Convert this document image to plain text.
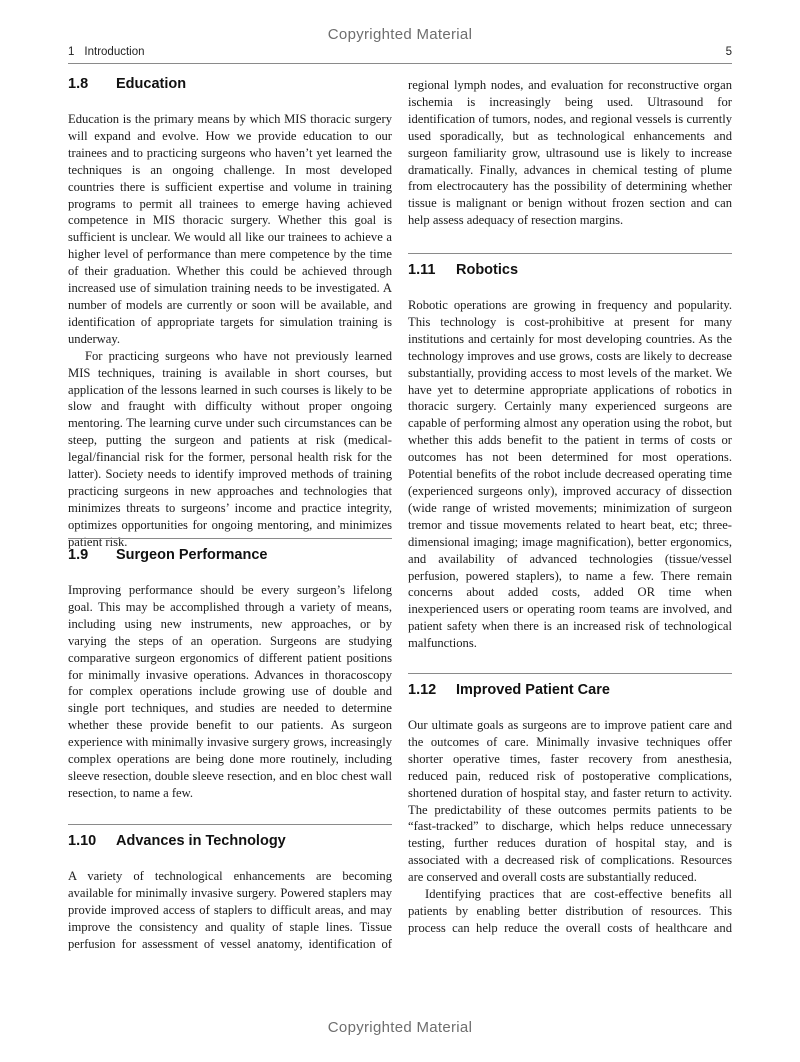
Copyrighted Material
1 Introduction	5
1.8 Education

Education is the primary means by which MIS thoracic surgery will expand and evolve. How we provide education to our trainees and to practicing surgeons who haven’t yet learned the techniques is an ongoing challenge. In most developed countries there is sufficient expertise and volume in training programs to permit all trainees to emerge having achieved competence in MIS thoracic surgery. Whether this goal is sufficient is unclear. We would all like our trainees to achieve a higher level of performance than mere competence by the time of their graduation. Whether this could be achieved through increased use of simulation training needs to be investigated. A number of models are currently or soon will be available, and identification of appropriate targets for simulation training is underway.

For practicing surgeons who have not previously learned MIS techniques, training is available in short courses, but application of the lessons learned in such courses is likely to be slow and fraught with difficulty without proper ongoing mentoring. The learning curve under such circumstances can be steep, putting the surgeon and patients at risk (medical-legal/financial risk for the former, personal health risk for the latter). Society needs to identify improved methods of training practicing surgeons in new approaches and technologies that minimizes threats to surgeons’ income and practice integrity, optimizes opportunities for ongoing mentoring, and minimizes patient risk.

1.9 Surgeon Performance

Improving performance should be every surgeon’s lifelong goal. This may be accomplished through a variety of means, including using new instruments, new approaches, or by varying the steps of an operation. Surgeons are studying comparative surgeon ergonomics of different patient positions for minimally invasive operations. Advances in thoracoscopy for complex operations include growing use of double and single port techniques, and studies are needed to determine whether these provide benefit to our patients. As surgeon experience with minimally invasive surgery grows, increasingly complex operations are being done more routinely, including sleeve resection, double sleeve resection, and en bloc chest wall resection, to name a few.

1.10 Advances in Technology

A variety of technological enhancements are becoming available for minimally invasive surgery. Powered staplers may provide improved access of staplers to difficult areas, and may improve the consistency and quality of staple lines. Tissue perfusion for assessment of vessel anatomy, identification of

regional lymph nodes, and evaluation for reconstructive organ ischemia is increasingly being used. Ultrasound for identification of tumors, nodes, and regional vessels is currently used sporadically, but as technological enhancements and surgeon familiarity grow, ultrasound use is likely to increase dramatically. Finally, advances in chemical testing of plume from electrocautery has the possibility of determining whether tissue is malignant or benign without frozen section and can help assess adequacy of resection margins.

1.11 Robotics

Robotic operations are growing in frequency and popularity. This technology is cost-prohibitive at present for many institutions and certainly for most developing countries. As the technology improves and use grows, costs are likely to decrease substantially, providing access to most levels of the market. We have yet to determine appropriate applications of robotics in thoracic surgery. Certainly many experienced surgeons are capable of performing almost any operation using the robot, but whether this adds benefit to the patient in terms of costs or outcomes has not been determined for most operations. Potential benefits of the robot include decreased operating time (experienced surgeons only), improved accuracy of dissection (wide range of wristed movements; minimization of surgeon tremor and tissue movements related to heart beat, etc; three-dimensional imaging; image magnification), better ergonomics, and availability of advanced technologies (tissue/vessel perfusion, powered staplers), to name a few. There remain concerns about added costs, added OR time when inexperienced users or operating room teams are involved, and patient safety when there is an increased risk of technological malfunctions.

1.12 Improved Patient Care

Our ultimate goals as surgeons are to improve patient care and the outcomes of care. Minimally invasive techniques offer shorter operative times, faster recovery from anesthesia, reduced pain, reduced risk of postoperative complications, shortened duration of hospital stay, and faster return to activity. The predictability of these outcomes permits patients to be “fast-tracked” to discharge, which helps reduce unnecessary testing, further reduces duration of hospital stay, and is associated with a decreased risk of complications. Resources are conserved and overall costs are substantially reduced.

Identifying practices that are cost-effective benefits all patients by enabling better distribution of resources. This process can help reduce the overall costs of healthcare and

Copyrighted Material
